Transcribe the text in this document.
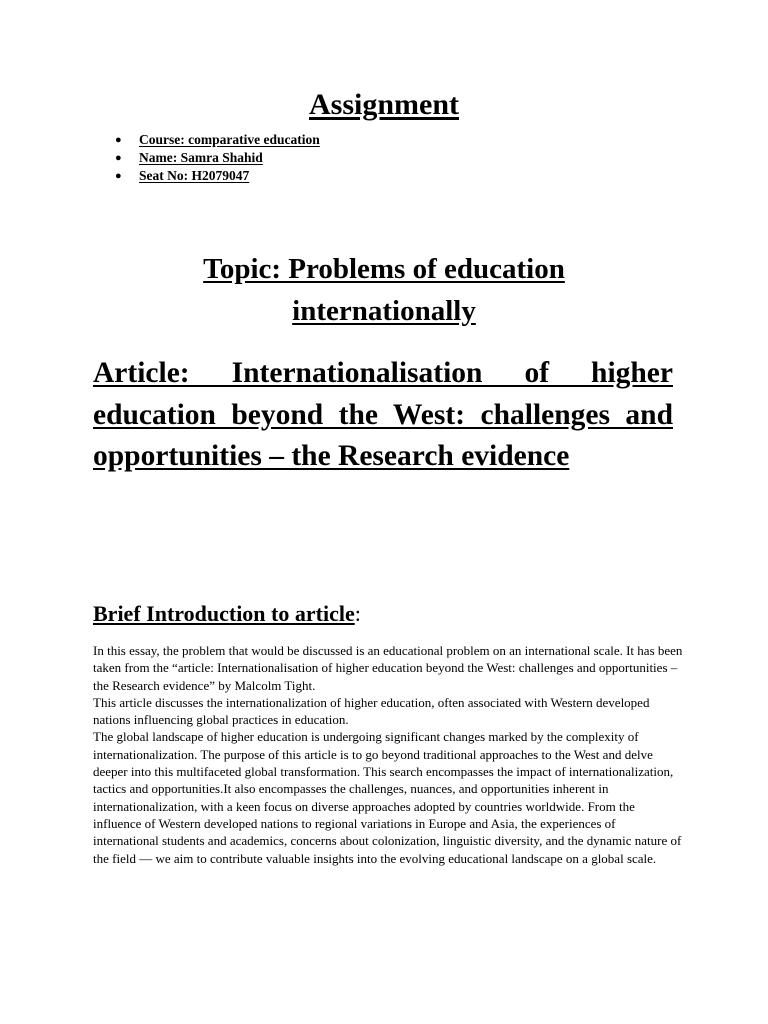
Assignment
● Course: comparative education
● Name: Samra Shahid
● Seat No: H2079047
Topic: Problems of education
internationally
Article: Internationalisation of higher education beyond the West: challenges and opportunities – the Research evidence
Brief Introduction to article:

In this essay, the problem that would be discussed is an educational problem on an international scale. It has been taken from the “article: Internationalisation of higher education beyond the West: challenges and opportunities – the Research evidence” by Malcolm Tight.

This article discusses the internationalization of higher education, often associated with Western developed nations influencing global practices in education.

The global landscape of higher education is undergoing significant changes marked by the complexity of internationalization. The purpose of this article is to go beyond traditional approaches to the West and delve deeper into this multifaceted global transformation. This search encompasses the impact of internationalization, tactics and opportunities.It also encompasses the challenges, nuances, and opportunities inherent in internationalization, with a keen focus on diverse approaches adopted by countries worldwide. From the influence of Western developed nations to regional variations in Europe and Asia, the experiences of international students and academics, concerns about colonization, linguistic diversity, and the dynamic nature of the field — we aim to contribute valuable insights into the evolving educational landscape on a global scale.
